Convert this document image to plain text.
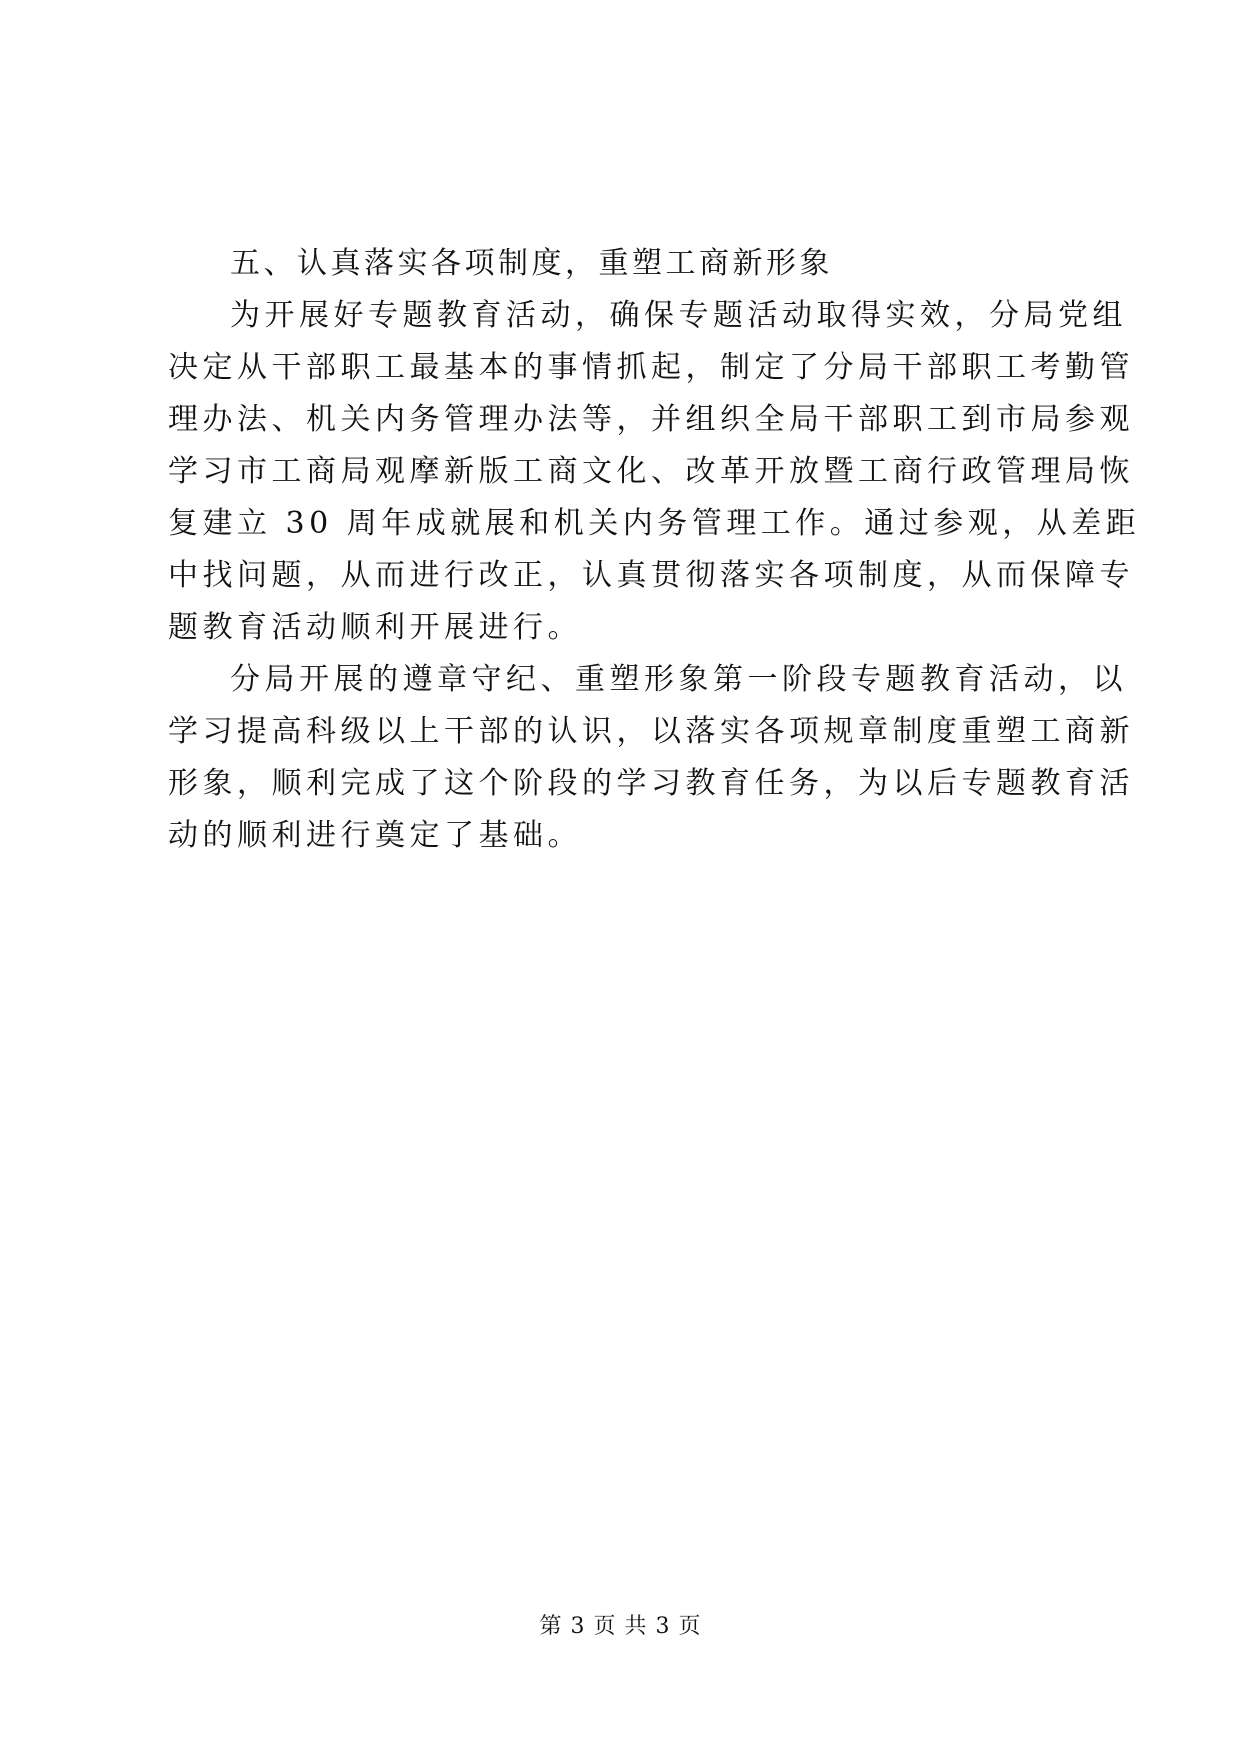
五、认真落实各项制度，重塑工商新形象

为开展好专题教育活动，确保专题活动取得实效，分局党组

决定从干部职工最基本的事情抓起，制定了分局干部职工考勤管

理办法、机关内务管理办法等，并组织全局干部职工到市局参观

学习市工商局观摩新版工商文化、改革开放暨工商行政管理局恢

复建立 30 周年成就展和机关内务管理工作。通过参观，从差距

中找问题，从而进行改正，认真贯彻落实各项制度，从而保障专

题教育活动顺利开展进行。

分局开展的遵章守纪、重塑形象第一阶段专题教育活动，以

学习提高科级以上干部的认识，以落实各项规章制度重塑工商新

形象，顺利完成了这个阶段的学习教育任务，为以后专题教育活

动的顺利进行奠定了基础。

第 3 页 共 3 页
